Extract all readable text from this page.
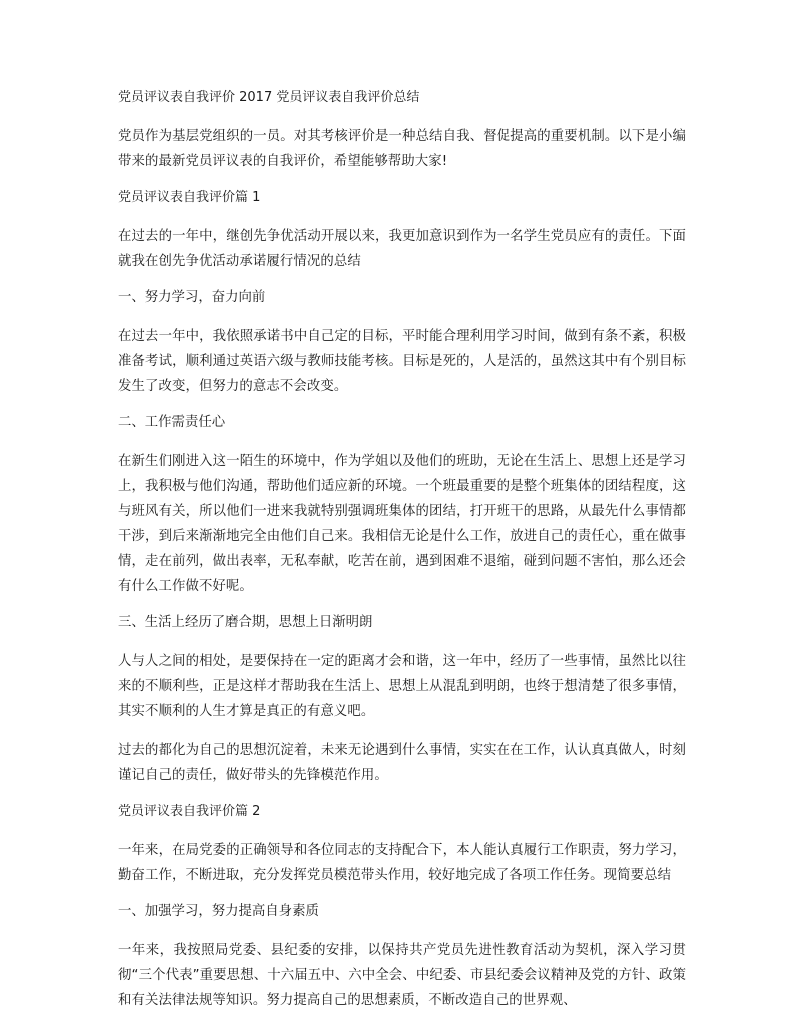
党员评议表自我评价 2017 党员评议表自我评价总结
党员作为基层党组织的一员。对其考核评价是一种总结自我、督促提高的重要机制。以下是小编带来的最新党员评议表的自我评价，希望能够帮助大家!
党员评议表自我评价篇 1
在过去的一年中，继创先争优活动开展以来，我更加意识到作为一名学生党员应有的责任。下面就我在创先争优活动承诺履行情况的总结
一、努力学习，奋力向前
在过去一年中，我依照承诺书中自己定的目标，平时能合理利用学习时间，做到有条不紊，积极准备考试，顺利通过英语六级与教师技能考核。目标是死的，人是活的，虽然这其中有个别目标发生了改变，但努力的意志不会改变。
二、工作需责任心
在新生们刚进入这一陌生的环境中，作为学姐以及他们的班助，无论在生活上、思想上还是学习上，我积极与他们沟通，帮助他们适应新的环境。一个班最重要的是整个班集体的团结程度，这与班风有关，所以他们一进来我就特别强调班集体的团结，打开班干的思路，从最先什么事情都干涉，到后来渐渐地完全由他们自己来。我相信无论是什么工作，放进自己的责任心，重在做事情，走在前列，做出表率，无私奉献，吃苦在前，遇到困难不退缩，碰到问题不害怕，那么还会有什么工作做不好呢。
三、生活上经历了磨合期，思想上日渐明朗
人与人之间的相处，是要保持在一定的距离才会和谐，这一年中，经历了一些事情，虽然比以往来的不顺利些，正是这样才帮助我在生活上、思想上从混乱到明朗，也终于想清楚了很多事情，其实不顺利的人生才算是真正的有意义吧。
过去的都化为自己的思想沉淀着，未来无论遇到什么事情，实实在在工作，认认真真做人，时刻谨记自己的责任，做好带头的先锋模范作用。
党员评议表自我评价篇 2
一年来，在局党委的正确领导和各位同志的支持配合下，本人能认真履行工作职责，努力学习，勤奋工作，不断进取，充分发挥党员模范带头作用，较好地完成了各项工作任务。现简要总结
一、加强学习，努力提高自身素质
一年来，我按照局党委、县纪委的安排，以保持共产党员先进性教育活动为契机，深入学习贯彻“三个代表”重要思想、十六届五中、六中全会、中纪委、市县纪委会议精神及党的方针、政策和有关法律法规等知识。努力提高自己的思想素质，不断改造自己的世界观、
